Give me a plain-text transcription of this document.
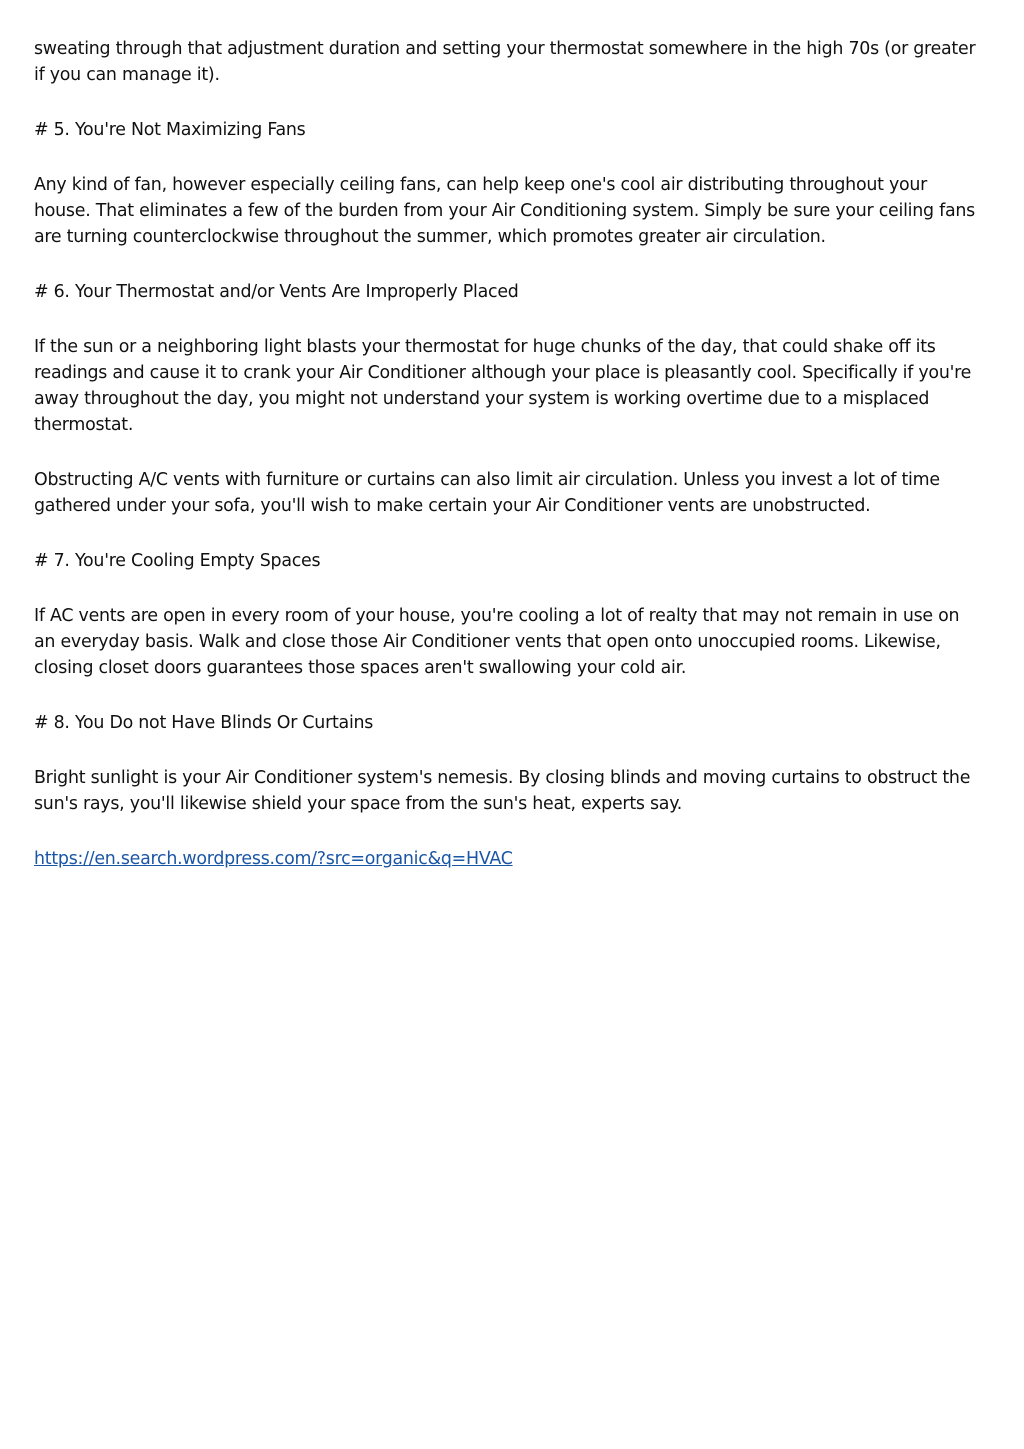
sweating through that adjustment duration and setting your thermostat somewhere in the high 70s (or greater if you can manage it).

# 5. You're Not Maximizing Fans

Any kind of fan, however especially ceiling fans, can help keep one's cool air distributing throughout your house. That eliminates a few of the burden from your Air Conditioning system. Simply be sure your ceiling fans are turning counterclockwise throughout the summer, which promotes greater air circulation.

# 6. Your Thermostat and/or Vents Are Improperly Placed

If the sun or a neighboring light blasts your thermostat for huge chunks of the day, that could shake off its readings and cause it to crank your Air Conditioner although your place is pleasantly cool. Specifically if you're away throughout the day, you might not understand your system is working overtime due to a misplaced thermostat.

Obstructing A/C vents with furniture or curtains can also limit air circulation. Unless you invest a lot of time gathered under your sofa, you'll wish to make certain your Air Conditioner vents are unobstructed.

# 7. You're Cooling Empty Spaces

If AC vents are open in every room of your house, you're cooling a lot of realty that may not remain in use on an everyday basis. Walk and close those Air Conditioner vents that open onto unoccupied rooms. Likewise, closing closet doors guarantees those spaces aren't swallowing your cold air.

# 8. You Do not Have Blinds Or Curtains

Bright sunlight is your Air Conditioner system's nemesis. By closing blinds and moving curtains to obstruct the sun's rays, you'll likewise shield your space from the sun's heat, experts say.

https://en.search.wordpress.com/?src=organic&q=HVAC
